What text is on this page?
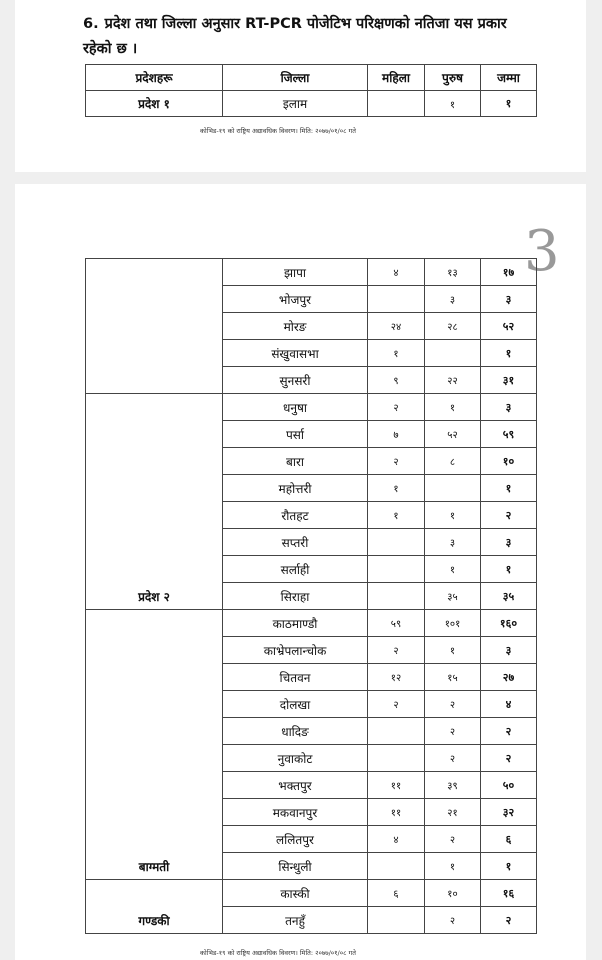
6. प्रदेश तथा जिल्ला अनुसार RT-PCR पोजेटिभ परिक्षणको नतिजा यस प्रकार रहेको छ ।
प्रदेशहरू	जिल्ला	महिला	पुरुष	जम्मा
प्रदेश १	इलाम		१	१
कोभिड-१९ को राष्ट्रिय अद्यावधिक विवरण। मिति: २०७७/०१/०८ गते
3
	झापा	४	१३	१७
	भोजपुर		३	३
	मोरङ	२४	२८	५२
	संखुवासभा	१		१
	सुनसरी	९	२२	३१
प्रदेश २	धनुषा	२	१	३
	पर्सा	७	५२	५९
	बारा	२	८	१०
	महोत्तरी	१		१
	रौतहट	१	१	२
	सप्तरी		३	३
	सर्लाही		१	१
	सिराहा		३५	३५
बाग्मती	काठमाण्डौ	५९	१०१	१६०
	काभ्रेपलान्चोक	२	१	३
	चितवन	१२	१५	२७
	दोलखा	२	२	४
	धादिङ		२	२
	नुवाकोट		२	२
	भक्तपुर	११	३९	५०
	मकवानपुर	११	२१	३२
	ललितपुर	४	२	६
	सिन्धुली		१	१
गण्डकी	कास्की	६	१०	१६
	तनहुँ		२	२
कोभिड-१९ को राष्ट्रिय अद्यावधिक विवरण। मिति: २०७७/०१/०८ गते
